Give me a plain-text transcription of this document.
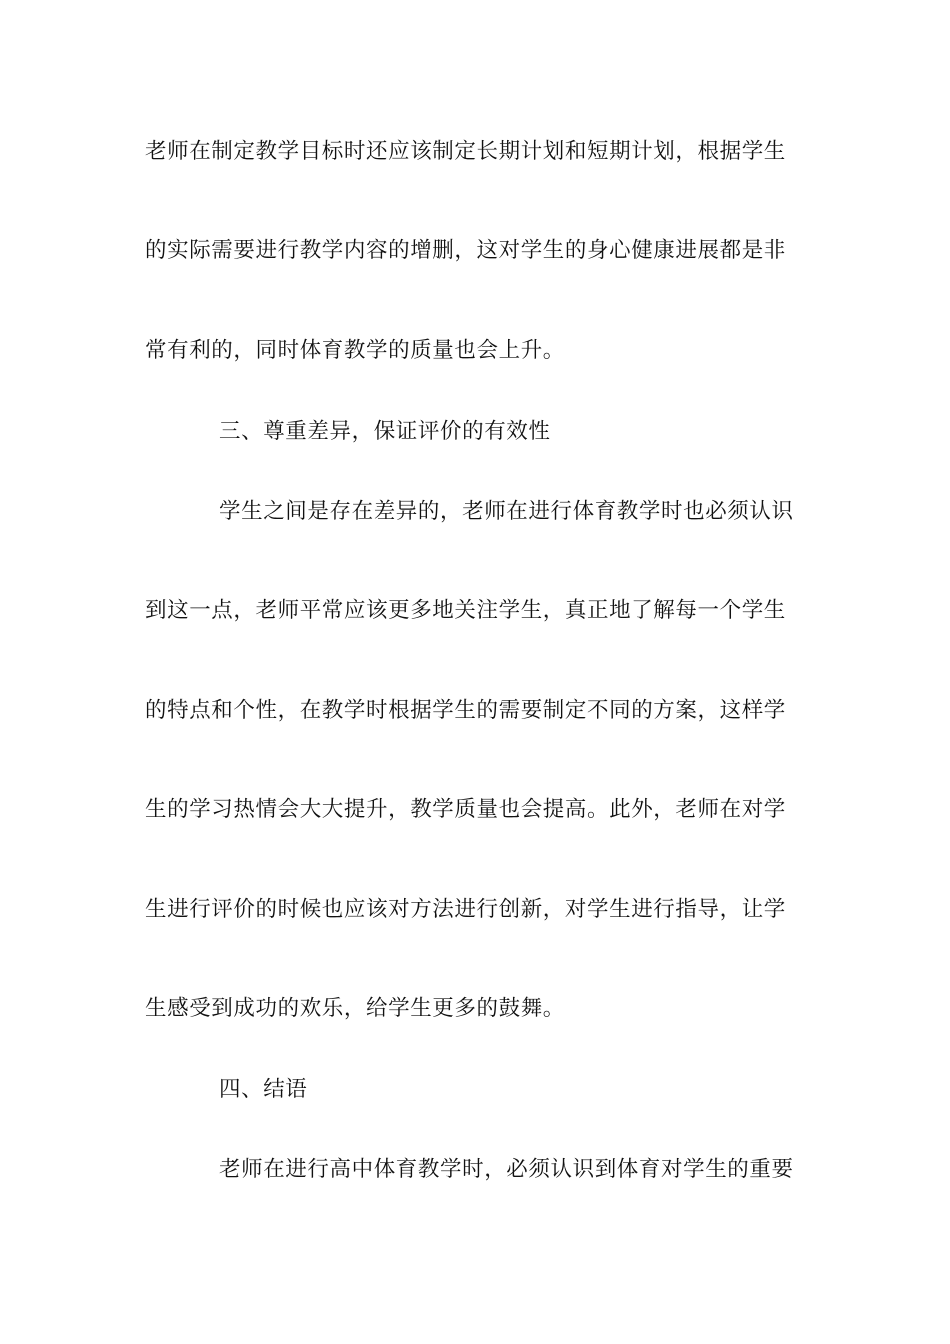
老师在制定教学目标时还应该制定长期计划和短期计划，根据学生
的实际需要进行教学内容的增删，这对学生的身心健康进展都是非
常有利的，同时体育教学的质量也会上升。
三、尊重差异，保证评价的有效性
学生之间是存在差异的，老师在进行体育教学时也必须认识
到这一点，老师平常应该更多地关注学生，真正地了解每一个学生
的特点和个性，在教学时根据学生的需要制定不同的方案，这样学
生的学习热情会大大提升，教学质量也会提高。此外，老师在对学
生进行评价的时候也应该对方法进行创新，对学生进行指导，让学
生感受到成功的欢乐，给学生更多的鼓舞。
四、结语
老师在进行高中体育教学时，必须认识到体育对学生的重要
